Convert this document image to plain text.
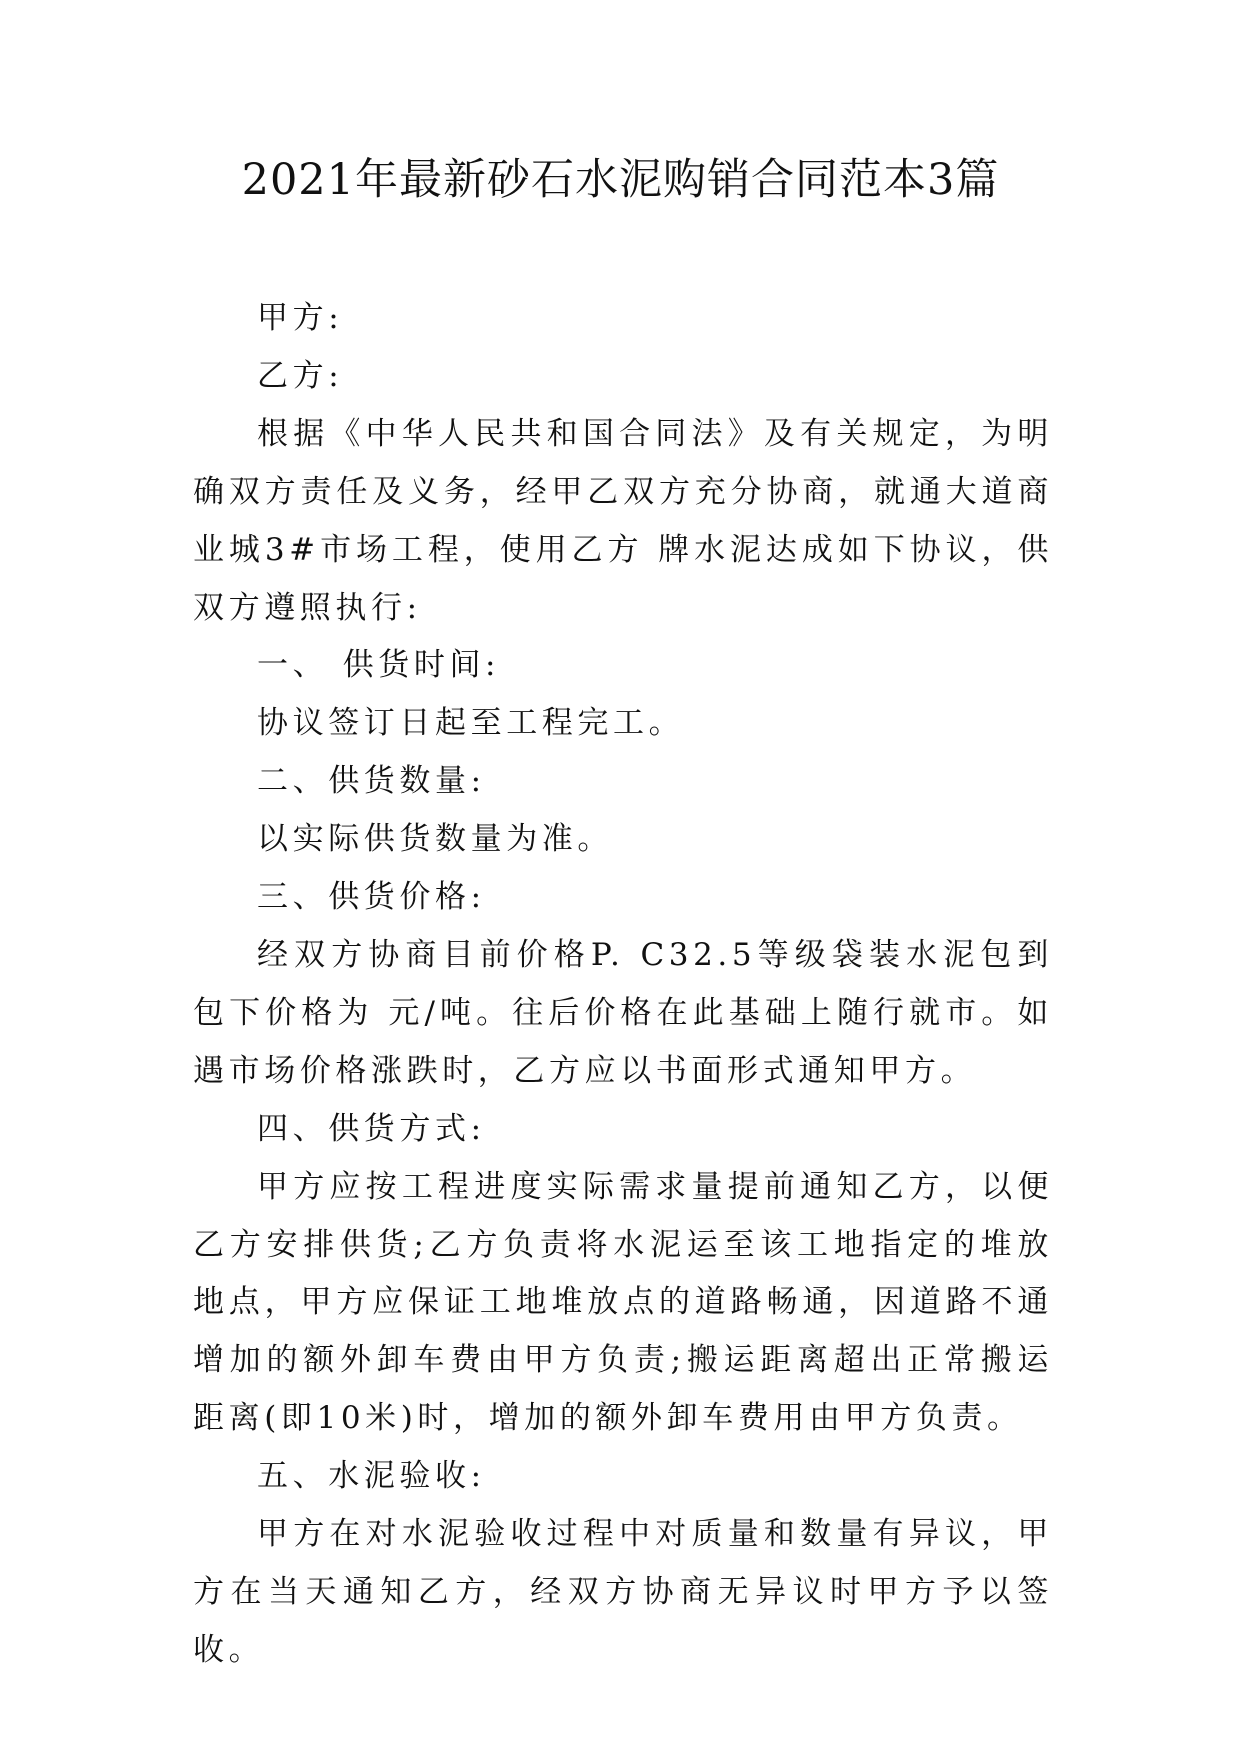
2021年最新砂石水泥购销合同范本3篇

甲方:

乙方:

根据《中华人民共和国合同法》及有关规定，为明确双方责任及义务，经甲乙双方充分协商，就通大道商业城3#市场工程，使用乙方 牌水泥达成如下协议，供双方遵照执行:

一、 供货时间:

协议签订日起至工程完工。

二、供货数量:

以实际供货数量为准。

三、供货价格:

经双方协商目前价格P. C32.5等级袋装水泥包到包下价格为 元/吨。往后价格在此基础上随行就市。如遇市场价格涨跌时，乙方应以书面形式通知甲方。

四、供货方式:

甲方应按工程进度实际需求量提前通知乙方，以便乙方安排供货;乙方负责将水泥运至该工地指定的堆放地点，甲方应保证工地堆放点的道路畅通，因道路不通增加的额外卸车费由甲方负责;搬运距离超出正常搬运距离(即10米)时，增加的额外卸车费用由甲方负责。

五、水泥验收:

甲方在对水泥验收过程中对质量和数量有异议，甲方在当天通知乙方，经双方协商无异议时甲方予以签收。
